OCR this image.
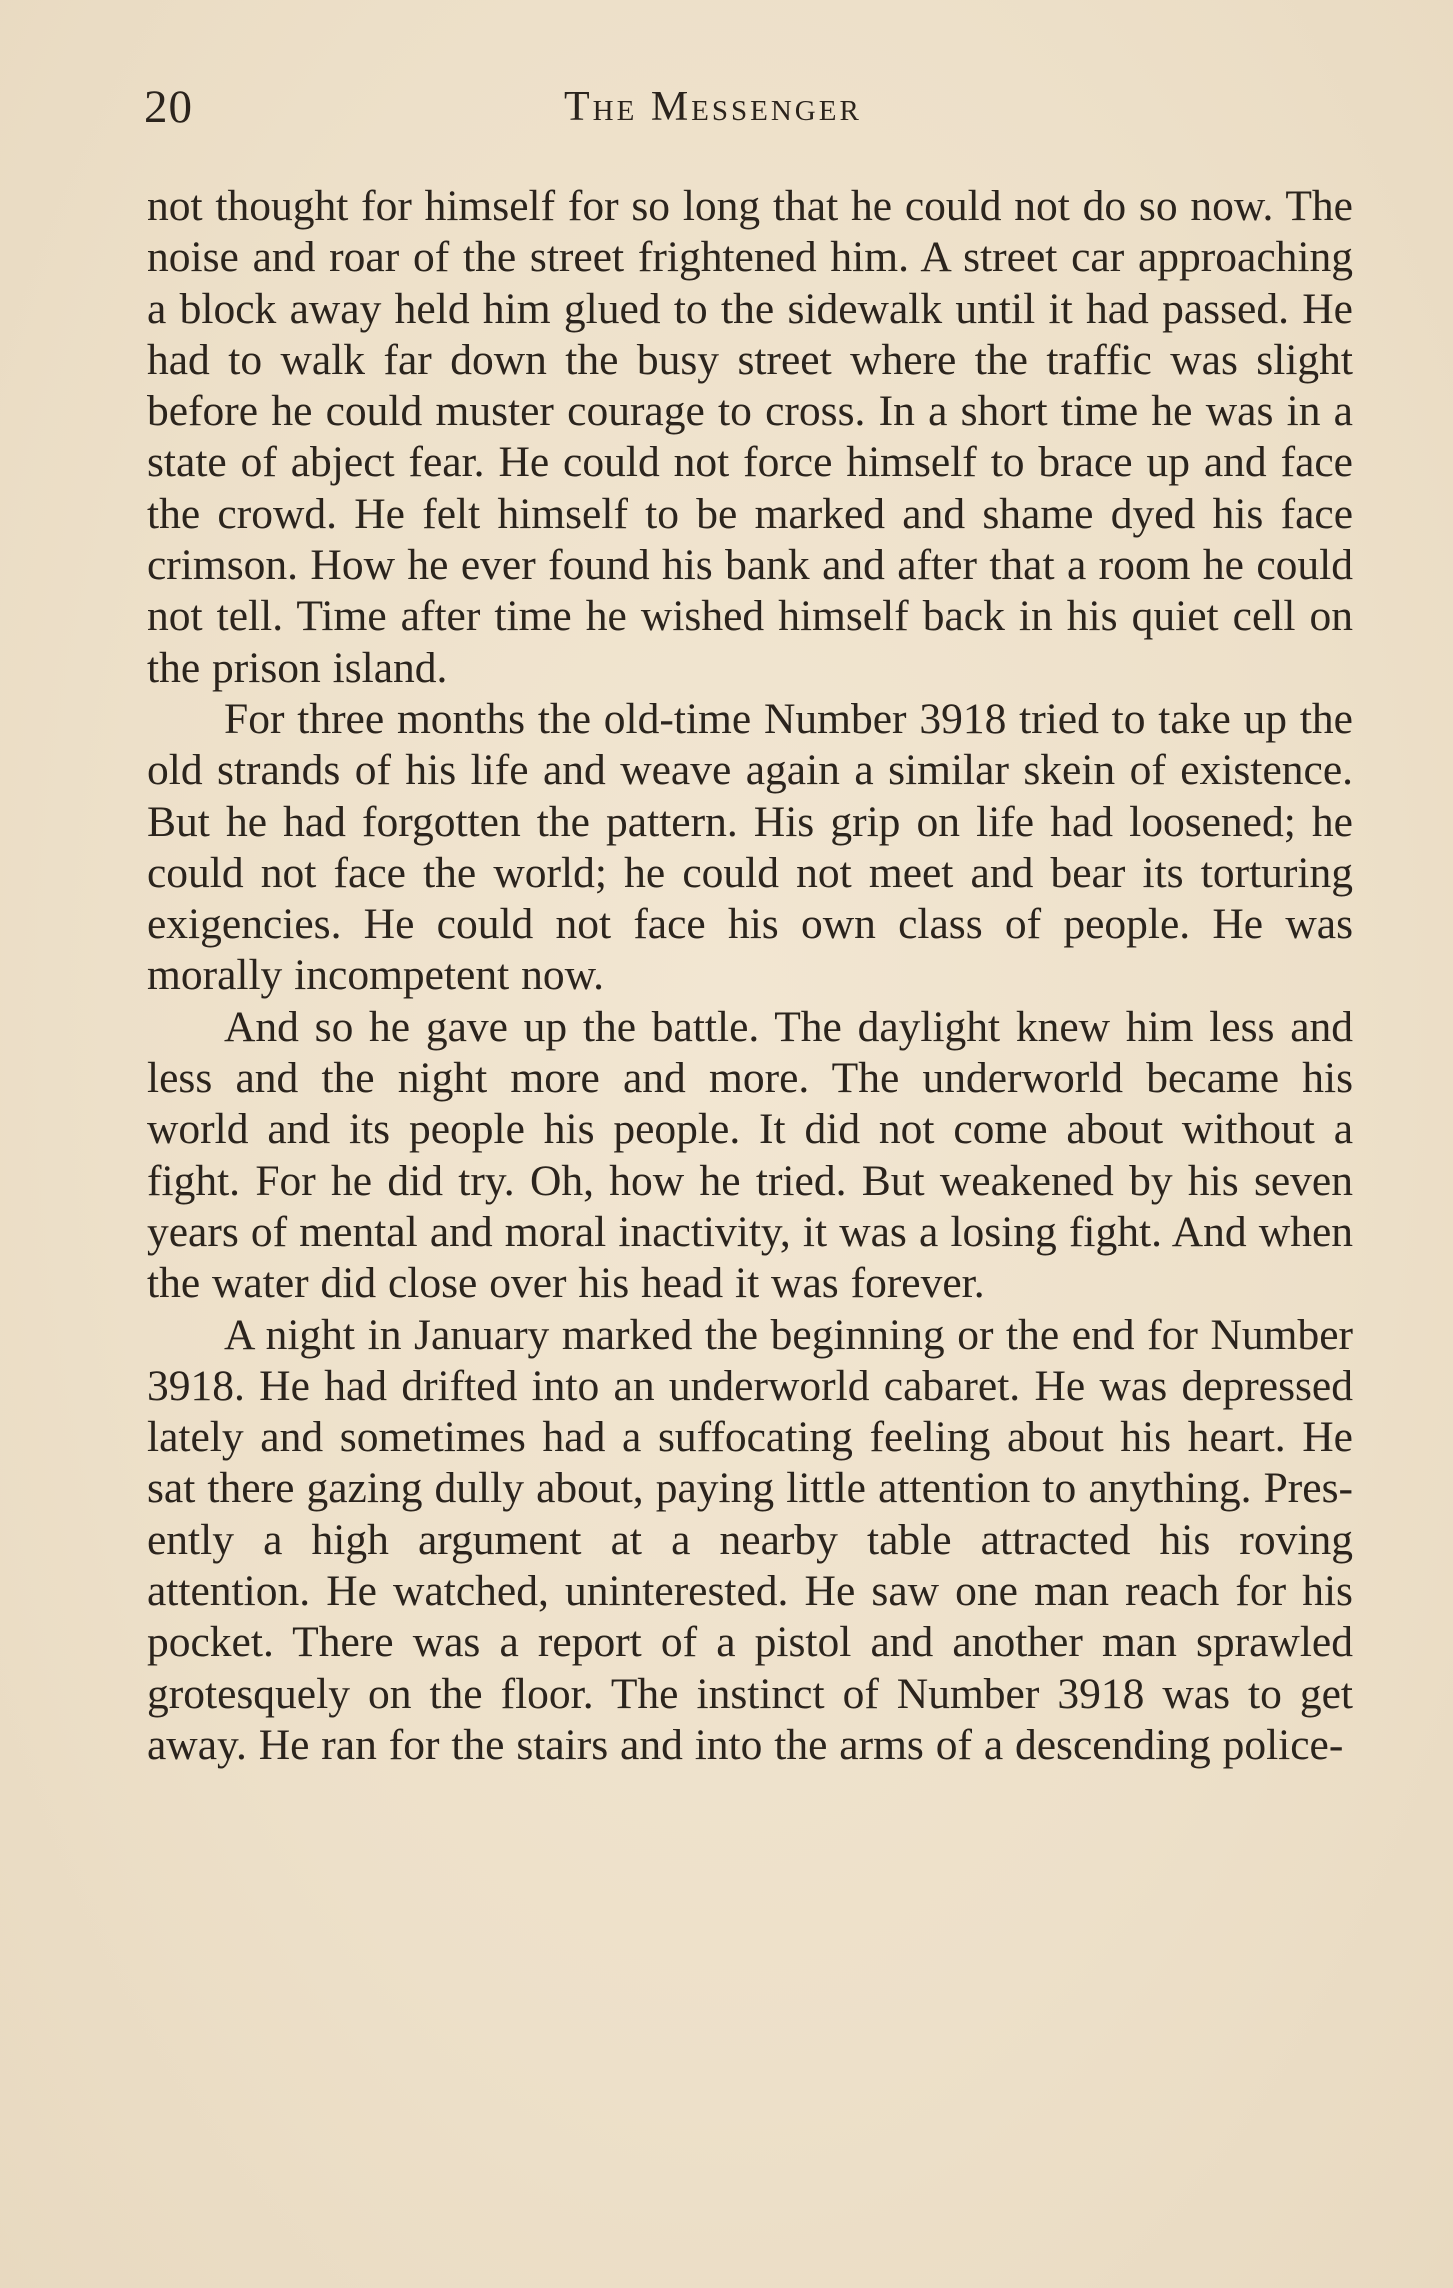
20	The Messenger

not thought for himself for so long that he could not do so now. The noise and roar of the street frightened him. A street car approaching a block away held him glued to the sidewalk until it had passed. He had to walk far down the busy street where the traffic was slight before he could muster courage to cross. In a short time he was in a state of abject fear. He could not force himself to brace up and face the crowd. He felt himself to be marked and shame dyed his face crimson. How he ever found his bank and after that a room he could not tell. Time after time he wished himself back in his quiet cell on the prison island.

For three months the old-time Number 3918 tried to take up the old strands of his life and weave again a similar skein of existence. But he had forgotten the pattern. His grip on life had loosened; he could not face the world; he could not meet and bear its torturing exigencies. He could not face his own class of people. He was morally incompetent now.

And so he gave up the battle. The daylight knew him less and less and the night more and more. The underworld became his world and its people his people. It did not come about without a fight. For he did try. Oh, how he tried. But weakened by his seven years of mental and moral inactivity, it was a losing fight. And when the water did close over his head it was forever.

A night in January marked the beginning or the end for Number 3918. He had drifted into an underworld cabaret. He was depressed lately and sometimes had a suffocating feeling about his heart. He sat there gazing dully about, paying little attention to anything. Presently a high argument at a nearby table attracted his roving attention. He watched, uninterested. He saw one man reach for his pocket. There was a report of a pistol and another man sprawled grotesquely on the floor. The instinct of Number 3918 was to get away. He ran for the stairs and into the arms of a descending police-
